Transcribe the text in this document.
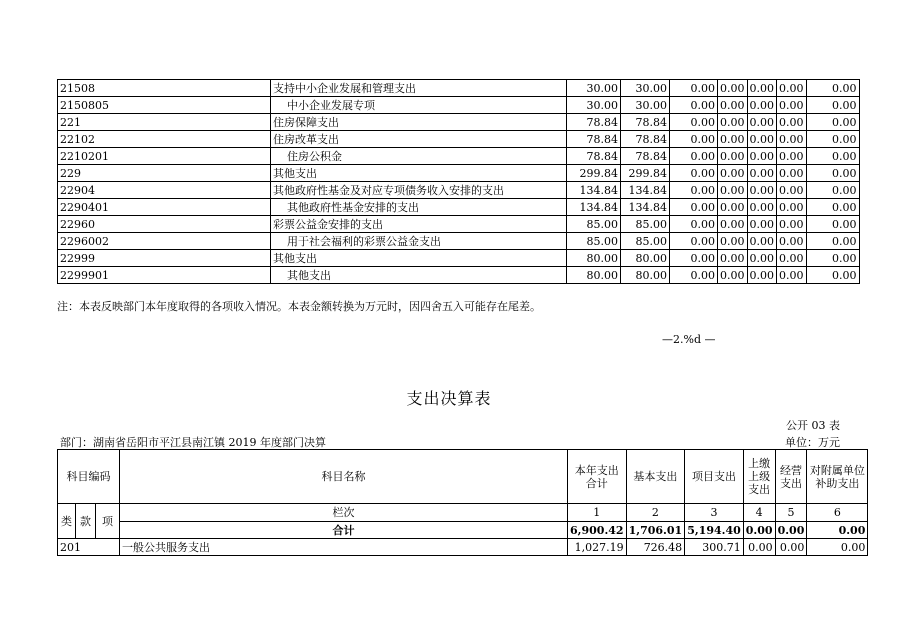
21508	支持中小企业发展和管理支出	30.00	30.00	0.00	0.00	0.00	0.00	0.00
2150805	中小企业发展专项	30.00	30.00	0.00	0.00	0.00	0.00	0.00
221	住房保障支出	78.84	78.84	0.00	0.00	0.00	0.00	0.00
22102	住房改革支出	78.84	78.84	0.00	0.00	0.00	0.00	0.00
2210201	住房公积金	78.84	78.84	0.00	0.00	0.00	0.00	0.00
229	其他支出	299.84	299.84	0.00	0.00	0.00	0.00	0.00
22904	其他政府性基金及对应专项债务收入安排的支出	134.84	134.84	0.00	0.00	0.00	0.00	0.00
2290401	其他政府性基金安排的支出	134.84	134.84	0.00	0.00	0.00	0.00	0.00
22960	彩票公益金安排的支出	85.00	85.00	0.00	0.00	0.00	0.00	0.00
2296002	用于社会福利的彩票公益金支出	85.00	85.00	0.00	0.00	0.00	0.00	0.00
22999	其他支出	80.00	80.00	0.00	0.00	0.00	0.00	0.00
2299901	其他支出	80.00	80.00	0.00	0.00	0.00	0.00	0.00
注：本表反映部门本年度取得的各项收入情况。本表金额转换为万元时，因四舍五入可能存在尾差。
—2.%d —
支出决算表
公开 03 表
部门：湖南省岳阳市平江县南江镇 2019 年度部门决算	单位：万元
科目编码			科目名称	本年支出合计	基本支出	项目支出	上缴上级支出	经营支出	对附属单位补助支出

类	款	项	栏次	1	2	3	4	5	6
			合计	6,900.42	1,706.01	5,194.40	0.00	0.00	0.00
201			一般公共服务支出	1,027.19	726.48	300.71	0.00	0.00	0.00
